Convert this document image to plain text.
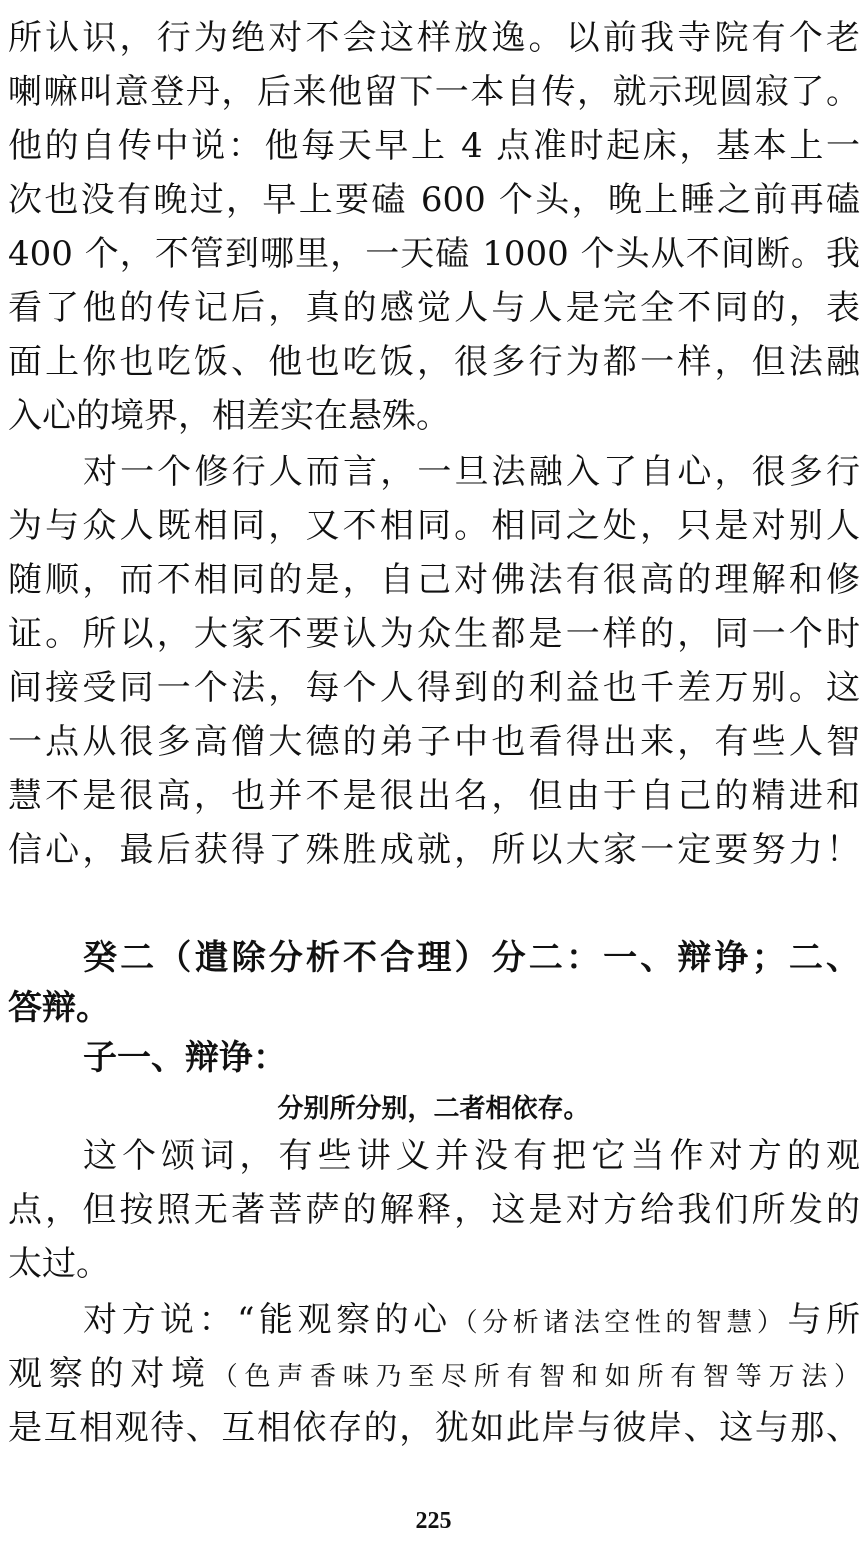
所认识，行为绝对不会这样放逸。以前我寺院有个老
喇嘛叫意登丹，后来他留下一本自传，就示现圆寂了。
他的自传中说：他每天早上 4 点准时起床，基本上一
次也没有晚过，早上要磕 600 个头，晚上睡之前再磕
400 个，不管到哪里，一天磕 1000 个头从不间断。我
看了他的传记后，真的感觉人与人是完全不同的，表
面上你也吃饭、他也吃饭，很多行为都一样，但法融
入心的境界，相差实在悬殊。
对一个修行人而言，一旦法融入了自心，很多行
为与众人既相同，又不相同。相同之处，只是对别人
随顺，而不相同的是，自己对佛法有很高的理解和修
证。所以，大家不要认为众生都是一样的，同一个时
间接受同一个法，每个人得到的利益也千差万别。这
一点从很多高僧大德的弟子中也看得出来，有些人智
慧不是很高，也并不是很出名，但由于自己的精进和
信心，最后获得了殊胜成就，所以大家一定要努力！
癸二（遣除分析不合理）分二：一、辩诤；二、
答辩。
子一、辩诤：
分别所分别，二者相依存。
这个颂词，有些讲义并没有把它当作对方的观
点，但按照无著菩萨的解释，这是对方给我们所发的
太过。
对方说：“能观察的心（分析诸法空性的智慧）与所
观察的对境（色声香味乃至尽所有智和如所有智等万法）
是互相观待、互相依存的，犹如此岸与彼岸、这与那、
225
